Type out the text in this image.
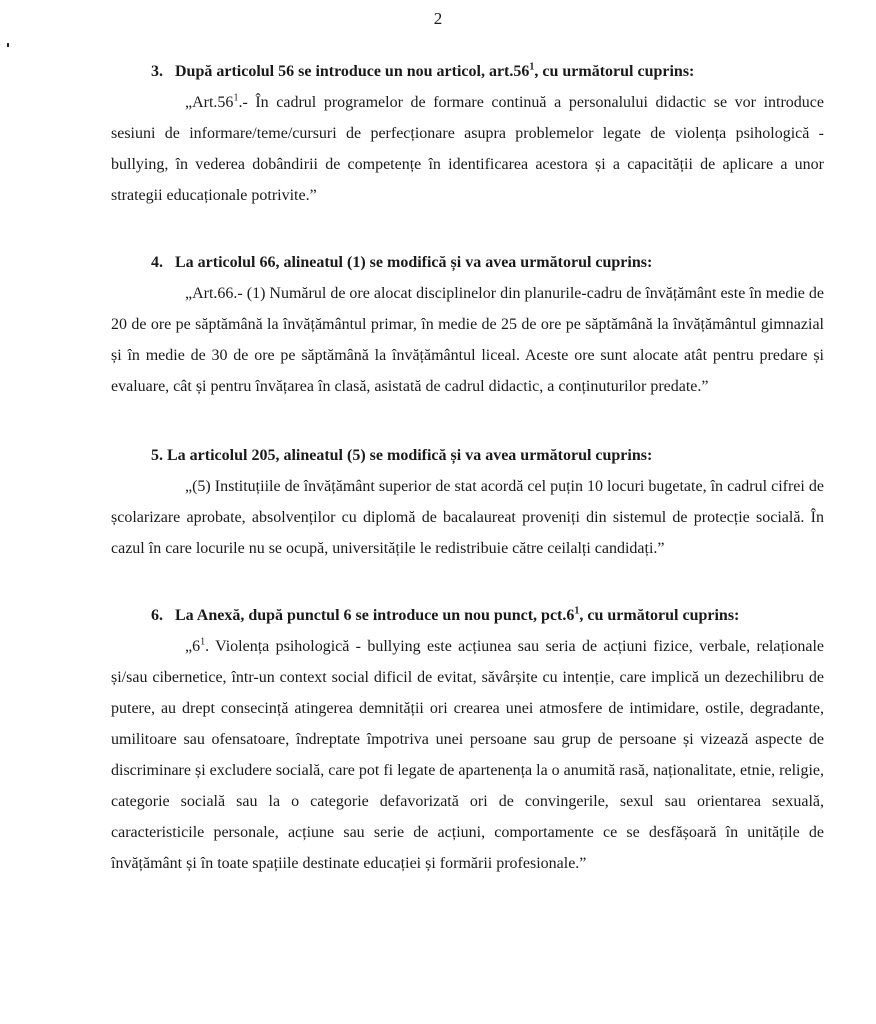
2
3. După articolul 56 se introduce un nou articol, $art.56^1$, cu următorul cuprins:
$„Art.56^1.-$ În cadrul programelor de formare continuă a personalului didactic se vor introduce sesiuni de informare/teme/cursuri de perfecționare asupra problemelor legate de violența psihologică - bullying, în vederea dobândirii de competențe în identificarea acestora și a capacității de aplicare a unor strategii educaționale potrivite.”
4. La articolul 66, alineatul (1) se modifică și va avea următorul cuprins:
„Art.66.- (1) Numărul de ore alocat disciplinelor din planurile-cadru de învățământ este în medie de 20 de ore pe săptămână la învățământul primar, în medie de 25 de ore pe săptămână la învățământul gimnazial și în medie de 30 de ore pe săptămână la învățământul liceal. Aceste ore sunt alocate atât pentru predare și evaluare, cât și pentru învățarea în clasă, asistată de cadrul didactic, a conținuturilor predate.”
5. La articolul 205, alineatul (5) se modifică și va avea următorul cuprins:
„(5) Instituțiile de învățământ superior de stat acordă cel puțin 10 locuri bugetate, în cadrul cifrei de școlarizare aprobate, absolvenților cu diplomă de bacalaureat proveniți din sistemul de protecție socială. În cazul în care locurile nu se ocupă, universitățile le redistribuie către ceilalți candidați.”
6. La Anexă, după punctul 6 se introduce un nou punct, $pct.6^1$, cu următorul cuprins:
$„6^1$. Violența psihologică - bullying este acțiunea sau seria de acțiuni fizice, verbale, relaționale și/sau cibernetice, într-un context social dificil de evitat, săvârșite cu intenție, care implică un dezechilibru de putere, au drept consecință atingerea demnității ori crearea unei atmosfere de intimidare, ostile, degradante, umilitoare sau ofensatoare, îndreptate împotriva unei persoane sau grup de persoane și vizează aspecte de discriminare și excludere socială, care pot fi legate de apartenența la o anumită rasă, naționalitate, etnie, religie, categorie socială sau la o categorie defavorizată ori de convingerile, sexul sau orientarea sexuală, caracteristicile personale, acțiune sau serie de acțiuni, comportamente ce se desfășoară în unitățile de învățământ și în toate spațiile destinate educației și formării profesionale.”
